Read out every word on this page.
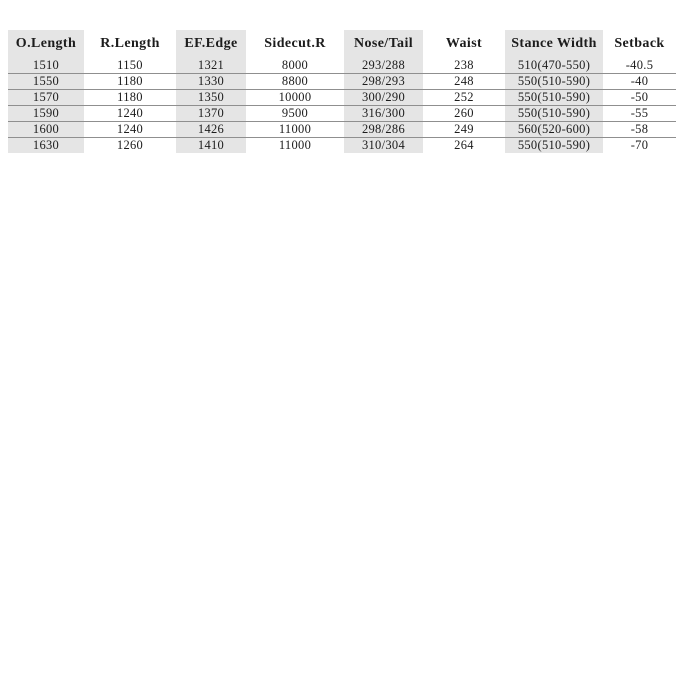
O.Length	R.Length	EF.Edge	Sidecut.R	Nose/Tail	Waist	Stance Width	Setback
1510	1150	1321	8000	293/288	238	510(470-550)	-40.5
1550	1180	1330	8800	298/293	248	550(510-590)	-40
1570	1180	1350	10000	300/290	252	550(510-590)	-50
1590	1240	1370	9500	316/300	260	550(510-590)	-55
1600	1240	1426	11000	298/286	249	560(520-600)	-58
1630	1260	1410	11000	310/304	264	550(510-590)	-70
